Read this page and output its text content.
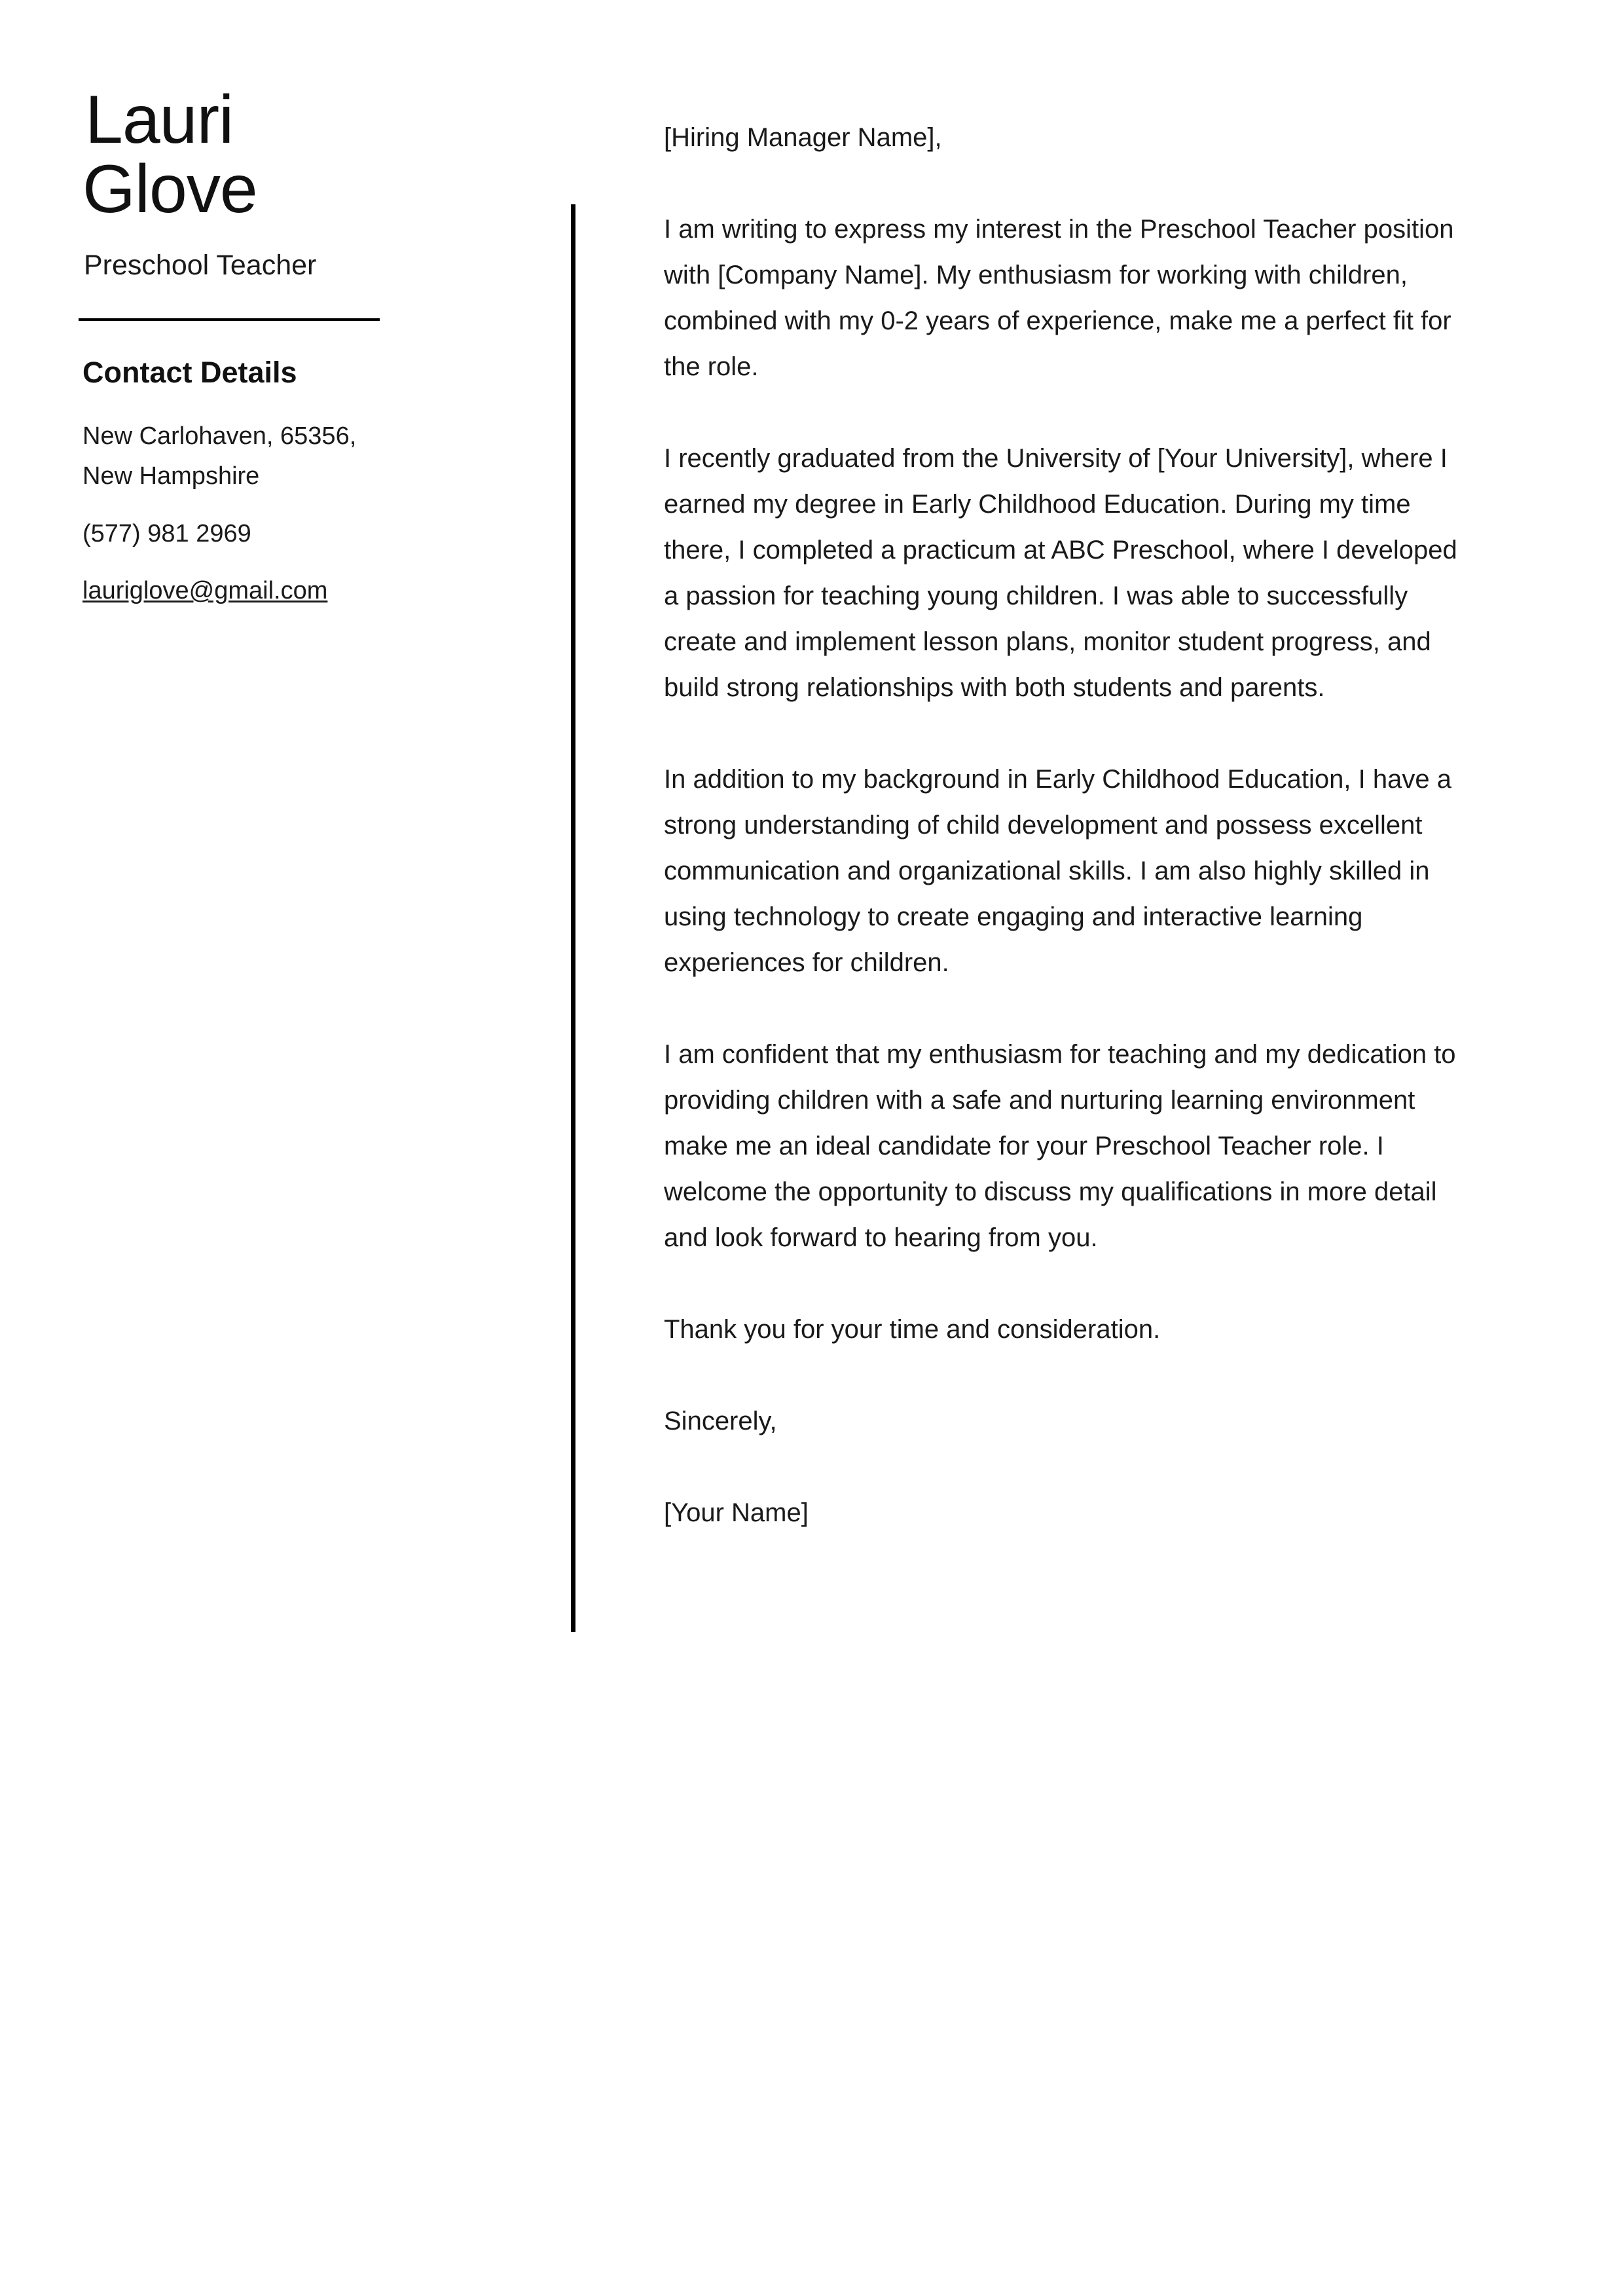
Lauri
Glove
Preschool Teacher
Contact Details
New Carlohaven, 65356,
New Hampshire
(577) 981 2969
lauriglove@gmail.com

[Hiring Manager Name],

I am writing to express my interest in the Preschool Teacher position with [Company Name]. My enthusiasm for working with children, combined with my 0-2 years of experience, make me a perfect fit for the role.

I recently graduated from the University of [Your University], where I earned my degree in Early Childhood Education. During my time there, I completed a practicum at ABC Preschool, where I developed a passion for teaching young children. I was able to successfully create and implement lesson plans, monitor student progress, and build strong relationships with both students and parents.

In addition to my background in Early Childhood Education, I have a strong understanding of child development and possess excellent communication and organizational skills. I am also highly skilled in using technology to create engaging and interactive learning experiences for children.

I am confident that my enthusiasm for teaching and my dedication to providing children with a safe and nurturing learning environment make me an ideal candidate for your Preschool Teacher role. I welcome the opportunity to discuss my qualifications in more detail and look forward to hearing from you.

Thank you for your time and consideration.

Sincerely,

[Your Name]
